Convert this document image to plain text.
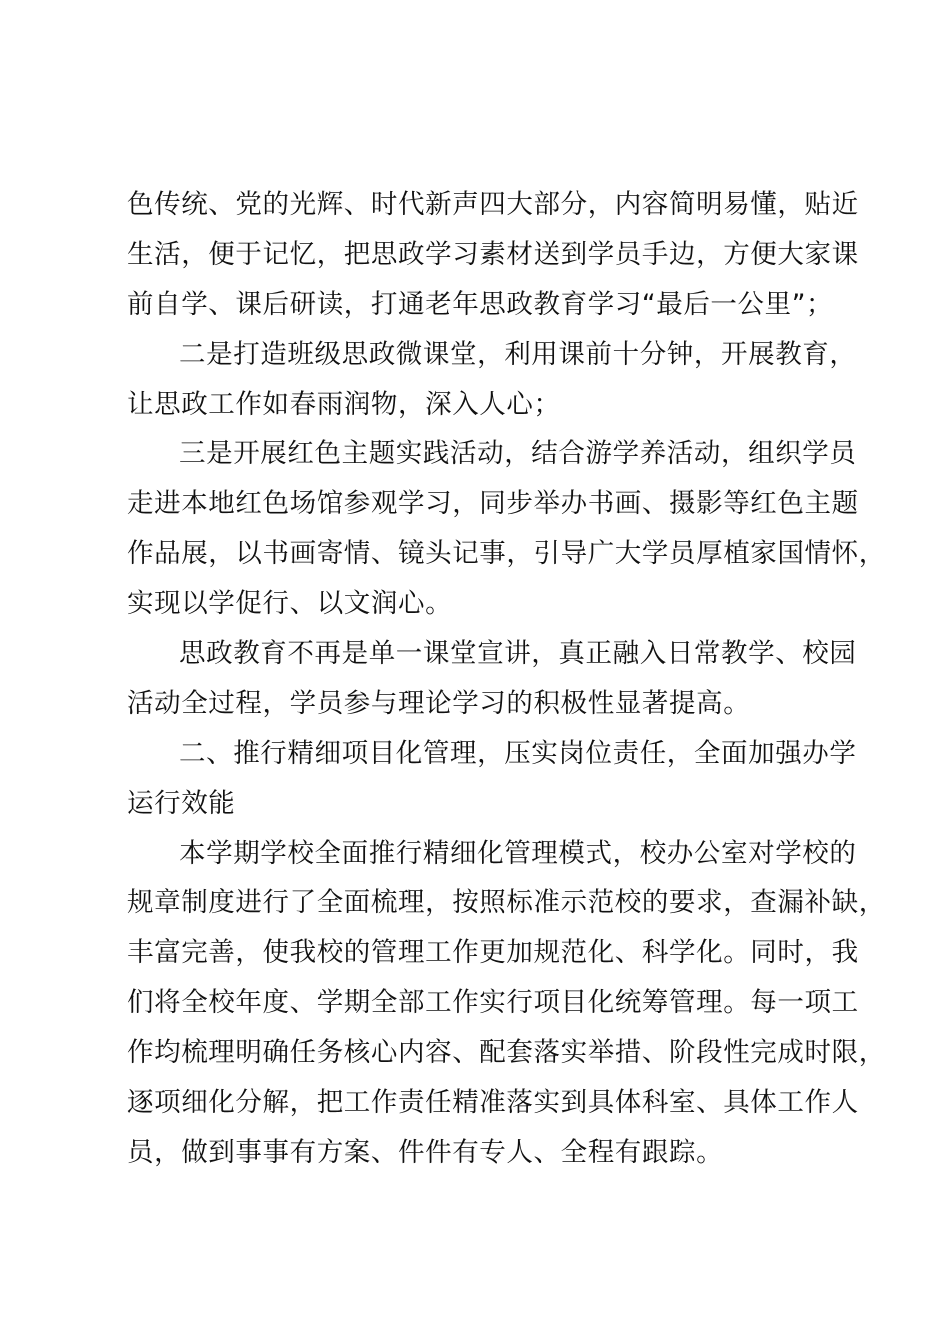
色传统、党的光辉、时代新声四大部分，内容简明易懂，贴近
生活，便于记忆，把思政学习素材送到学员手边，方便大家课
前自学、课后研读，打通老年思政教育学习“最后一公里”；
二是打造班级思政微课堂，利用课前十分钟，开展教育，
让思政工作如春雨润物，深入人心；
三是开展红色主题实践活动，结合游学养活动，组织学员
走进本地红色场馆参观学习，同步举办书画、摄影等红色主题
作品展，以书画寄情、镜头记事，引导广大学员厚植家国情怀，
实现以学促行、以文润心。
思政教育不再是单一课堂宣讲，真正融入日常教学、校园
活动全过程，学员参与理论学习的积极性显著提高。
二、推行精细项目化管理，压实岗位责任，全面加强办学
运行效能
本学期学校全面推行精细化管理模式，校办公室对学校的
规章制度进行了全面梳理，按照标准示范校的要求，查漏补缺，
丰富完善，使我校的管理工作更加规范化、科学化。同时，我
们将全校年度、学期全部工作实行项目化统筹管理。每一项工
作均梳理明确任务核心内容、配套落实举措、阶段性完成时限，
逐项细化分解，把工作责任精准落实到具体科室、具体工作人
员，做到事事有方案、件件有专人、全程有跟踪。
